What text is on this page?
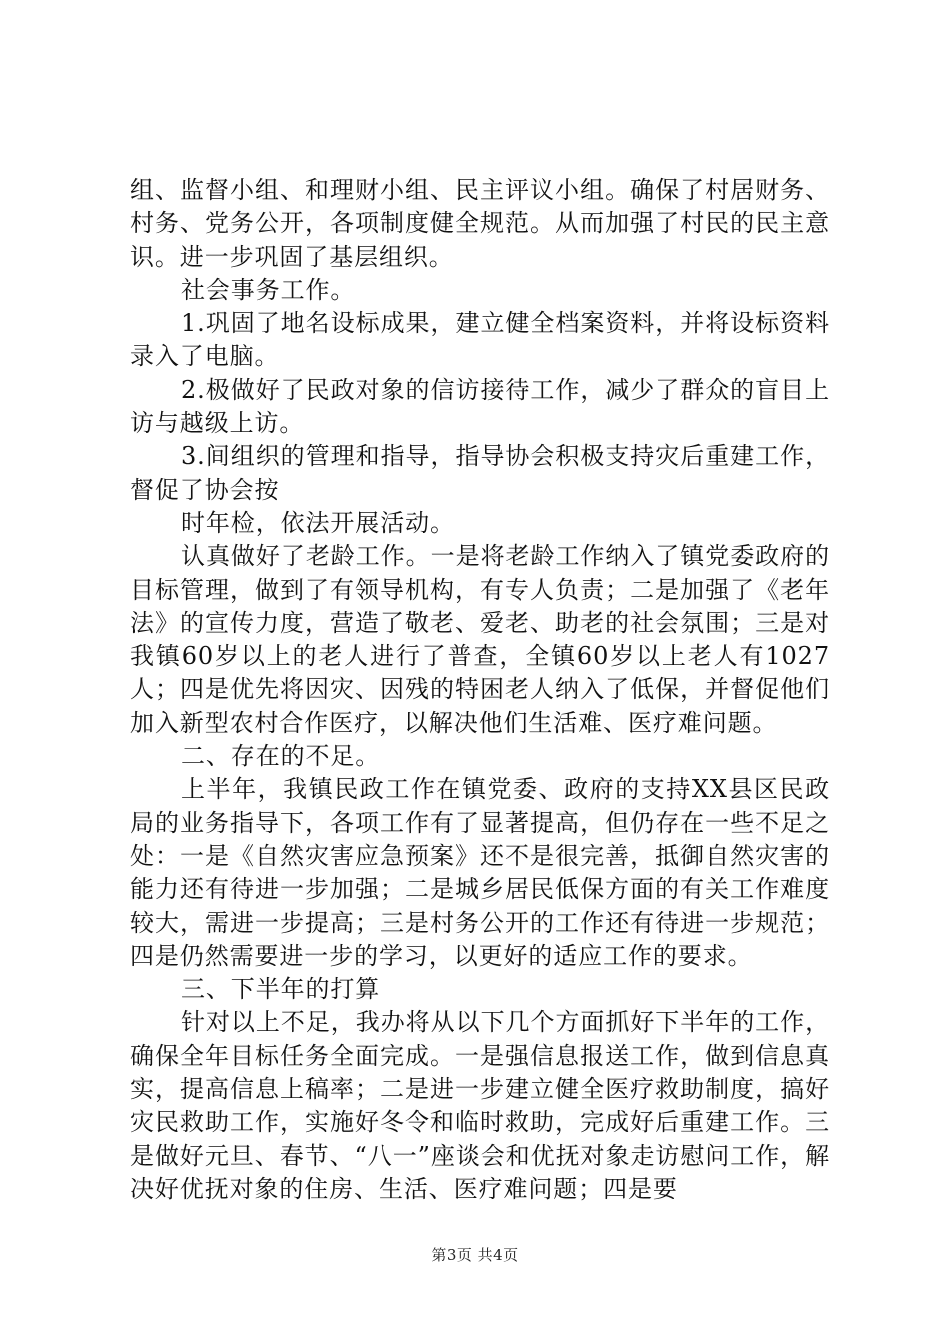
组、监督小组、和理财小组、民主评议小组。确保了村居财务、村务、党务公开，各项制度健全规范。从而加强了村民的民主意识。进一步巩固了基层组织。

社会事务工作。

1.巩固了地名设标成果，建立健全档案资料，并将设标资料录入了电脑。

2.极做好了民政对象的信访接待工作，减少了群众的盲目上访与越级上访。

3.间组织的管理和指导，指导协会积极支持灾后重建工作，督促了协会按

时年检，依法开展活动。

认真做好了老龄工作。一是将老龄工作纳入了镇党委政府的目标管理，做到了有领导机构，有专人负责；二是加强了《老年法》的宣传力度，营造了敬老、爱老、助老的社会氛围；三是对我镇60岁以上的老人进行了普查，全镇60岁以上老人有1027人；四是优先将因灾、因残的特困老人纳入了低保，并督促他们加入新型农村合作医疗，以解决他们生活难、医疗难问题。

二、存在的不足。

上半年，我镇民政工作在镇党委、政府的支持XX县区民政局的业务指导下，各项工作有了显著提高，但仍存在一些不足之处：一是《自然灾害应急预案》还不是很完善，抵御自然灾害的能力还有待进一步加强；二是城乡居民低保方面的有关工作难度较大，需进一步提高；三是村务公开的工作还有待进一步规范；四是仍然需要进一步的学习，以更好的适应工作的要求。

三、下半年的打算

针对以上不足，我办将从以下几个方面抓好下半年的工作，确保全年目标任务全面完成。一是强信息报送工作，做到信息真实，提高信息上稿率；二是进一步建立健全医疗救助制度，搞好灾民救助工作，实施好冬令和临时救助，完成好后重建工作。三是做好元旦、春节、“八一”座谈会和优抚对象走访慰问工作，解决好优抚对象的住房、生活、医疗难问题；四是要

第3页 共4页
